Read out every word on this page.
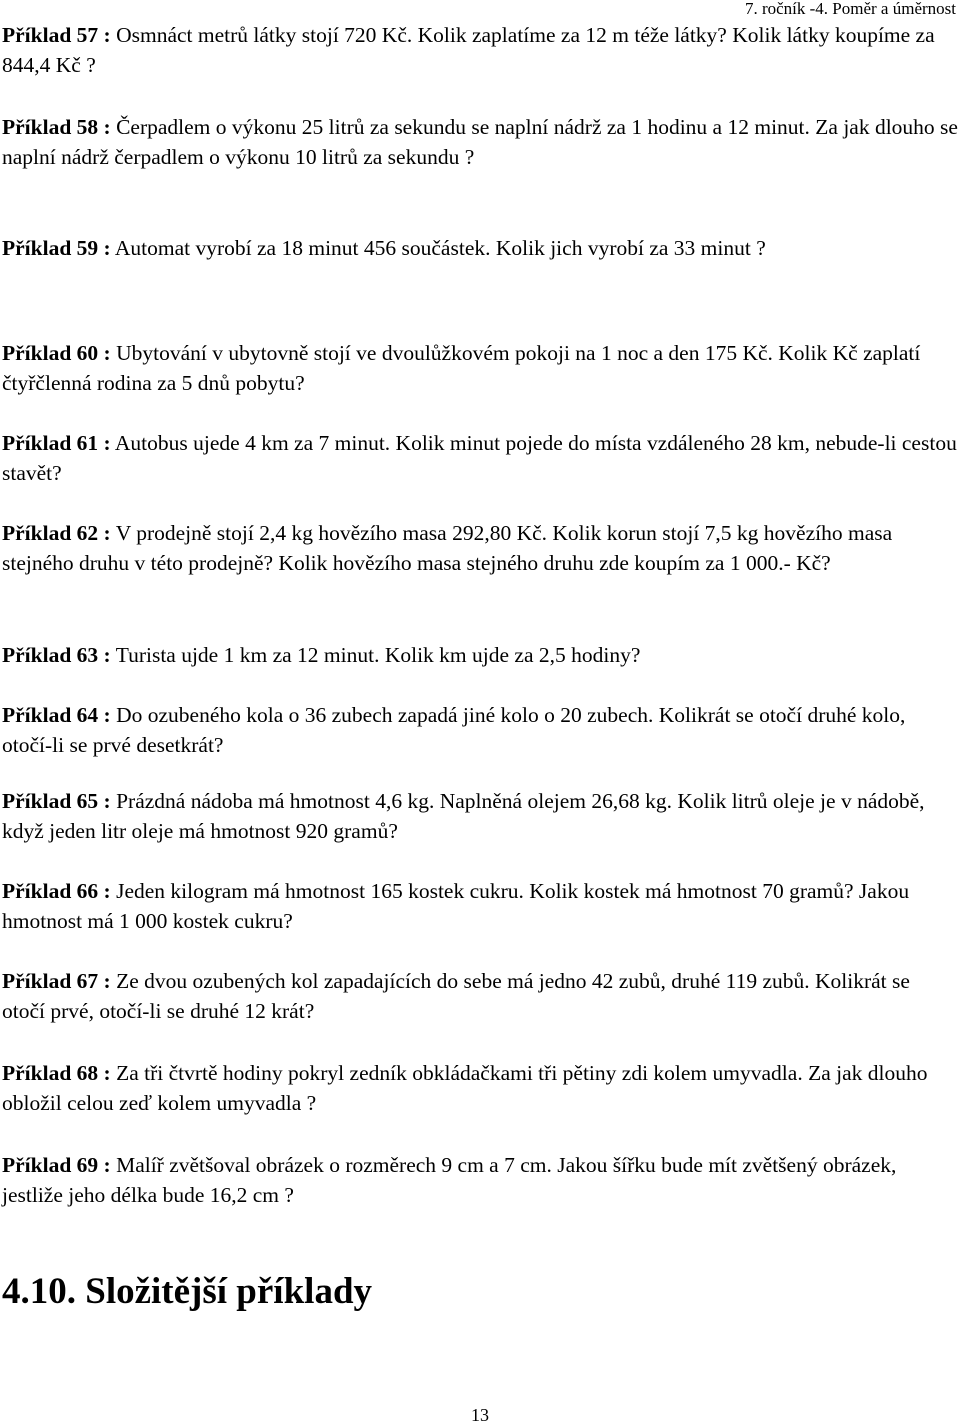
7. ročník -4. Poměr a úměrnost
Příklad 57 : Osmnáct metrů látky stojí 720 Kč. Kolik zaplatíme za 12 m téže látky? Kolik látky koupíme za 844,4 Kč ?
Příklad 58 : Čerpadlem o výkonu 25 litrů za sekundu se naplní nádrž za 1 hodinu a 12 minut. Za jak dlouho se naplní nádrž čerpadlem o výkonu 10 litrů za sekundu ?
Příklad 59 : Automat vyrobí za 18 minut 456 součástek. Kolik jich vyrobí za 33 minut ?
Příklad 60 : Ubytování v ubytovně stojí ve dvoulůžkovém pokoji na 1 noc a den 175 Kč. Kolik Kč zaplatí čtyřčlenná rodina za 5 dnů pobytu?
Příklad 61 : Autobus ujede 4 km za 7 minut. Kolik minut pojede do místa vzdáleného 28 km, nebude-li cestou stavět?
Příklad 62 : V prodejně stojí 2,4 kg hovězího masa 292,80 Kč. Kolik korun stojí 7,5 kg hovězího masa stejného druhu v této prodejně? Kolik hovězího masa stejného druhu zde koupím za 1 000.- Kč?
Příklad 63 : Turista ujde 1 km za 12 minut. Kolik km ujde za 2,5 hodiny?
Příklad 64 : Do ozubeného kola o 36 zubech zapadá jiné kolo o 20 zubech. Kolikrát se otočí druhé kolo, otočí-li se prvé desetkrát?
Příklad 65 : Prázdná nádoba má hmotnost 4,6 kg. Naplněná olejem 26,68 kg. Kolik litrů oleje je v nádobě, když jeden litr oleje má hmotnost 920 gramů?
Příklad 66 : Jeden kilogram má hmotnost 165 kostek cukru. Kolik kostek má hmotnost 70 gramů? Jakou hmotnost má 1 000 kostek cukru?
Příklad 67 : Ze dvou ozubených kol zapadajících do sebe má jedno 42 zubů, druhé 119 zubů. Kolikrát se otočí prvé, otočí-li se druhé 12 krát?
Příklad 68 : Za tři čtvrtě hodiny pokryl zedník obkládačkami tři pětiny zdi kolem umyvadla. Za jak dlouho obložil celou zeď kolem umyvadla ?
Příklad 69 : Malíř zvětšoval obrázek o rozměrech 9 cm a 7 cm. Jakou šířku bude mít zvětšený obrázek, jestliže jeho délka bude 16,2 cm ?
4.10. Složitější příklady
13
